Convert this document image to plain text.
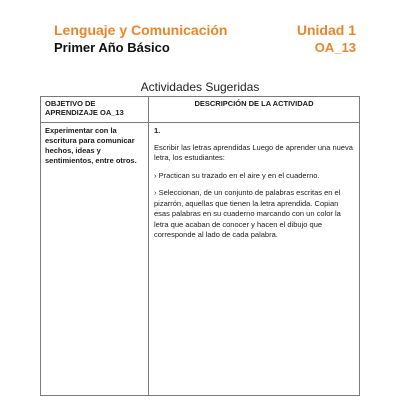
Lenguaje y Comunicación	Unidad 1
Primer Año Básico	OA_13
Actividades Sugeridas
OBJETIVO DE APRENDIZAJE OA_13	DESCRIPCIÓN DE LA ACTIVIDAD
Experimentar con la escritura para comunicar hechos, ideas y sentimientos, entre otros.	1.
Escribir las letras aprendidas Luego de aprender una nueva letra, los estudiantes:
› Practican su trazado en el aire y en el cuaderno.
› Seleccionan, de un conjunto de palabras escritas en el pizarrón, aquellas que tienen la letra aprendida. Copian esas palabras en su cuaderno marcando con un color la letra que acaban de conocer y hacen el dibujo que corresponde al lado de cada palabra.
